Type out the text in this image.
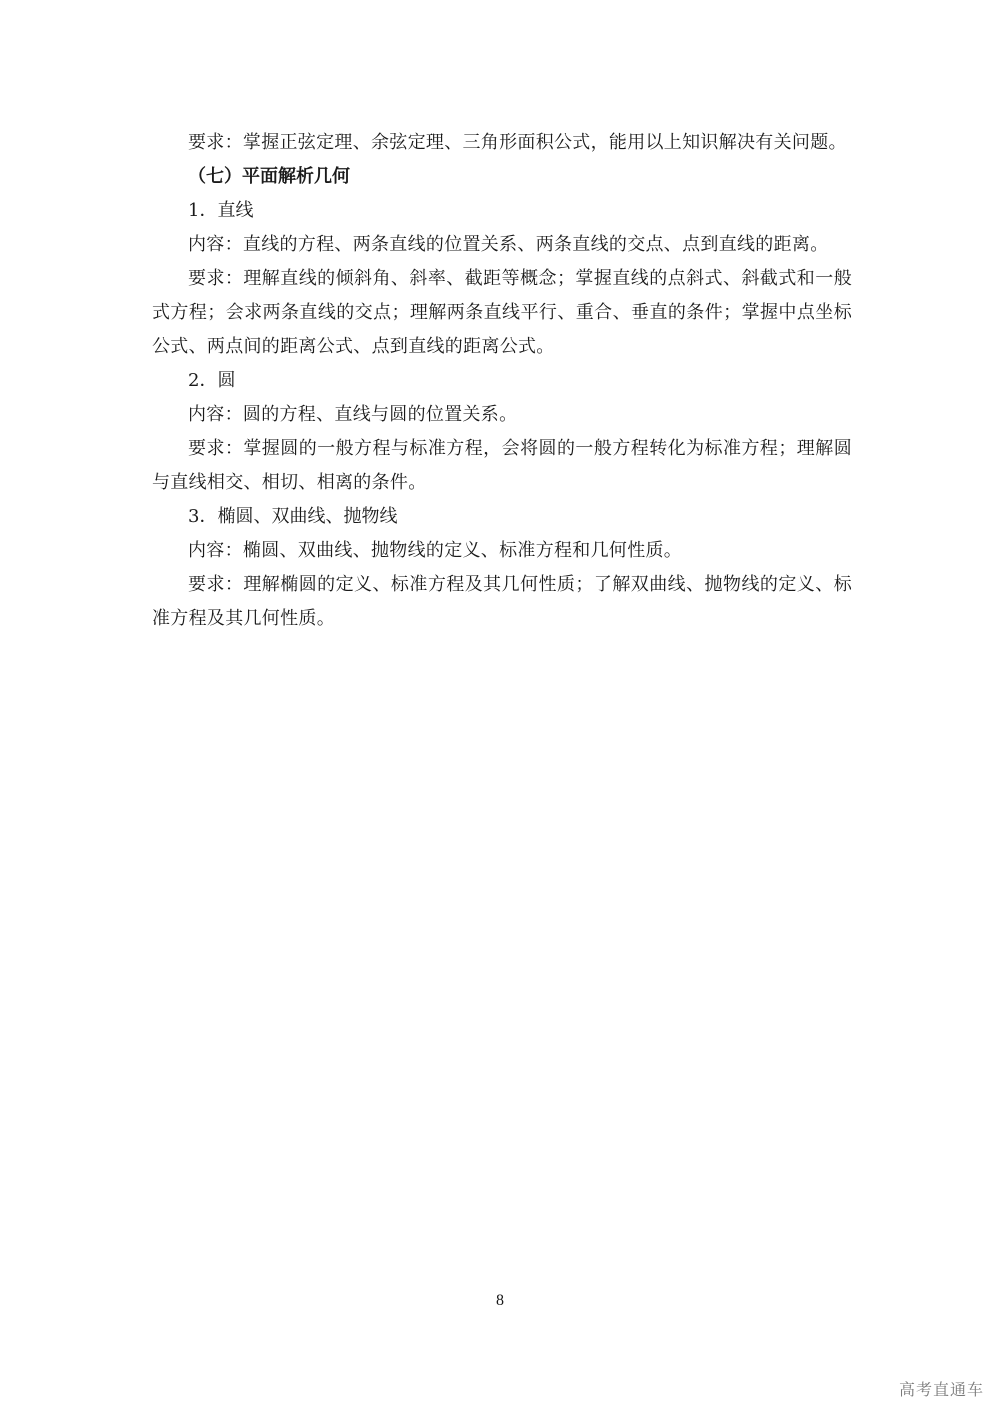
要求：掌握正弦定理、余弦定理、三角形面积公式，能用以上知识解决有关问题。

（七）平面解析几何

1．直线

内容：直线的方程、两条直线的位置关系、两条直线的交点、点到直线的距离。

要求：理解直线的倾斜角、斜率、截距等概念；掌握直线的点斜式、斜截式和一般式方程；会求两条直线的交点；理解两条直线平行、重合、垂直的条件；掌握中点坐标公式、两点间的距离公式、点到直线的距离公式。

2．圆

内容：圆的方程、直线与圆的位置关系。

要求：掌握圆的一般方程与标准方程，会将圆的一般方程转化为标准方程；理解圆与直线相交、相切、相离的条件。

3．椭圆、双曲线、抛物线

内容：椭圆、双曲线、抛物线的定义、标准方程和几何性质。

要求：理解椭圆的定义、标准方程及其几何性质；了解双曲线、抛物线的定义、标准方程及其几何性质。

8
高考直通车
